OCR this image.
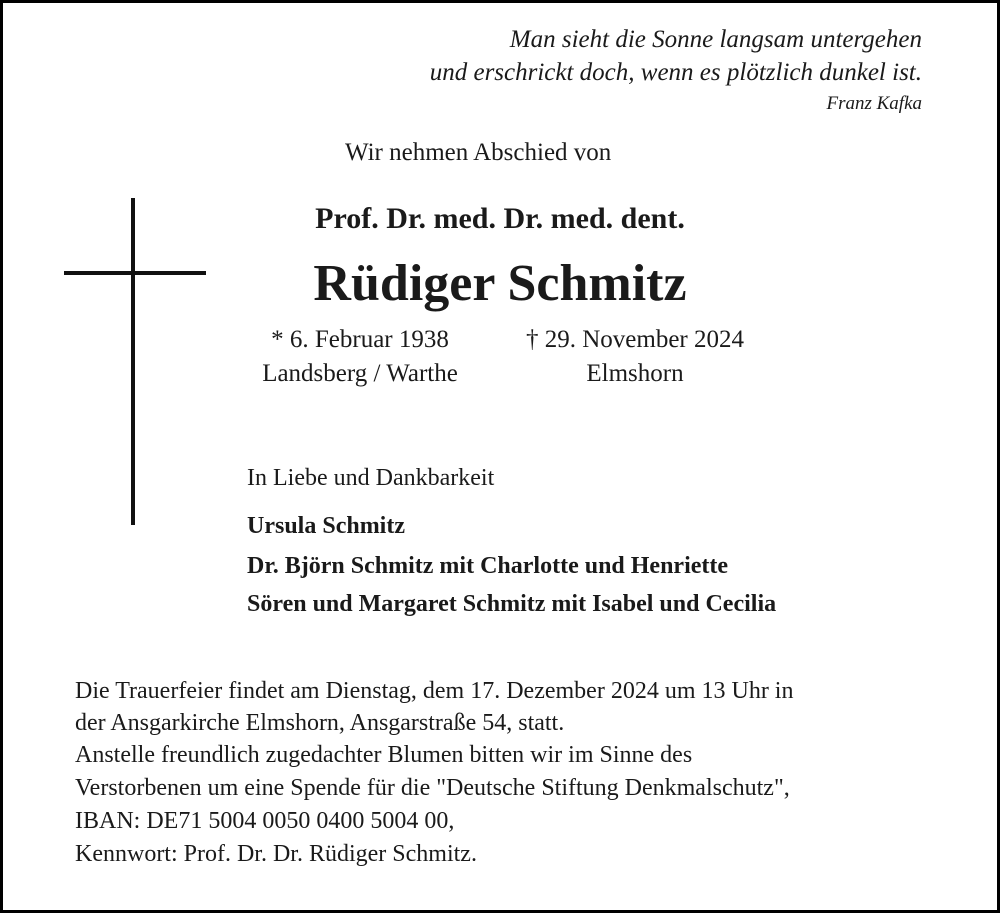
Man sieht die Sonne langsam untergehen

und erschrickt doch, wenn es plötzlich dunkel ist.

Franz Kafka

Wir nehmen Abschied von

Prof. Dr. med. Dr. med. dent.

Rüdiger Schmitz

* 6. Februar 1938

Landsberg / Warthe

† 29. November 2024

Elmshorn

In Liebe und Dankbarkeit

Ursula Schmitz

Dr. Björn Schmitz mit Charlotte und Henriette

Sören und Margaret Schmitz mit Isabel und Cecilia

Die Trauerfeier findet am Dienstag, dem 17. Dezember 2024 um 13 Uhr in

der Ansgarkirche Elmshorn, Ansgarstraße 54, statt.

Anstelle freundlich zugedachter Blumen bitten wir im Sinne des

Verstorbenen um eine Spende für die "Deutsche Stiftung Denkmalschutz",

IBAN: DE71 5004 0050 0400 5004 00,

Kennwort: Prof. Dr. Dr. Rüdiger Schmitz.
